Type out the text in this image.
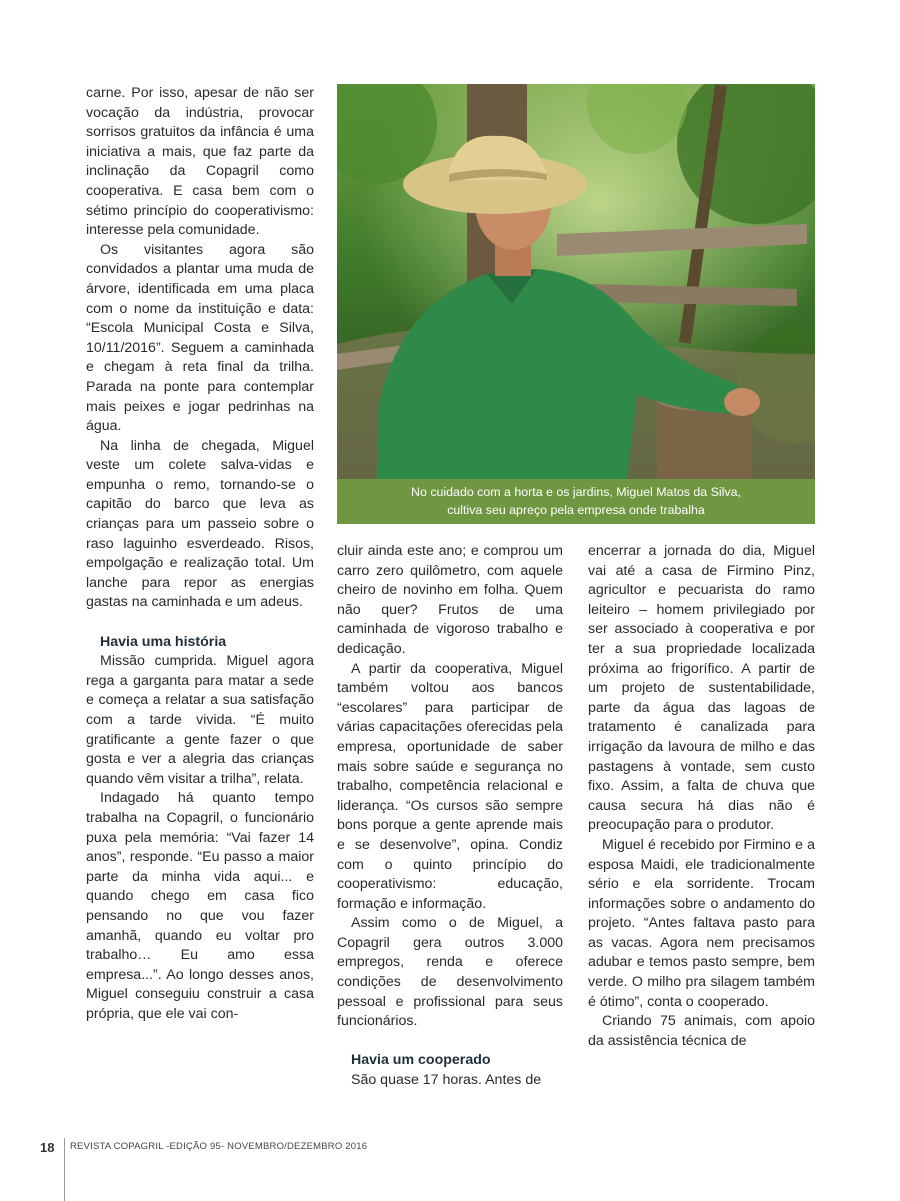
carne. Por isso, apesar de não ser vocação da indústria, provocar sorrisos gratuitos da infância é uma iniciativa a mais, que faz parte da inclinação da Copagril como cooperativa. E casa bem com o sétimo princípio do cooperativismo: interesse pela comunidade.

Os visitantes agora são convidados a plantar uma muda de árvore, identificada em uma placa com o nome da instituição e data: “Escola Municipal Costa e Silva, 10/11/2016”. Seguem a caminhada e chegam à reta final da trilha. Parada na ponte para contemplar mais peixes e jogar pedrinhas na água.

Na linha de chegada, Miguel veste um colete salva-vidas e empunha o remo, tornando-se o capitão do barco que leva as crianças para um passeio sobre o raso laguinho esverdeado. Risos, empolgação e realização total. Um lanche para repor as energias gastas na caminhada e um adeus.

Havia uma história

Missão cumprida. Miguel agora rega a garganta para matar a sede e começa a relatar a sua satisfação com a tarde vivida. “É muito gratificante a gente fazer o que gosta e ver a alegria das crianças quando vêm visitar a trilha”, relata.

Indagado há quanto tempo trabalha na Copagril, o funcionário puxa pela memória: “Vai fazer 14 anos”, responde. “Eu passo a maior parte da minha vida aqui... e quando chego em casa fico pensando no que vou fazer amanhã, quando eu voltar pro trabalho… Eu amo essa empresa...”. Ao longo desses anos, Miguel conseguiu construir a casa própria, que ele vai con-

No cuidado com a horta e os jardins, Miguel Matos da Silva,
cultiva seu apreço pela empresa onde trabalha

cluir ainda este ano; e comprou um carro zero quilômetro, com aquele cheiro de novinho em folha. Quem não quer? Frutos de uma caminhada de vigoroso trabalho e dedicação.

A partir da cooperativa, Miguel também voltou aos bancos “escolares” para participar de várias capacitações oferecidas pela empresa, oportunidade de saber mais sobre saúde e segurança no trabalho, competência relacional e liderança. “Os cursos são sempre bons porque a gente aprende mais e se desenvolve”, opina. Condiz com o quinto princípio do cooperativismo: educação, formação e informação.

Assim como o de Miguel, a Copagril gera outros 3.000 empregos, renda e oferece condições de desenvolvimento pessoal e profissional para seus funcionários.

Havia um cooperado

São quase 17 horas. Antes de

encerrar a jornada do dia, Miguel vai até a casa de Firmino Pinz, agricultor e pecuarista do ramo leiteiro – homem privilegiado por ser associado à cooperativa e por ter a sua propriedade localizada próxima ao frigorífico. A partir de um projeto de sustentabilidade, parte da água das lagoas de tratamento é canalizada para irrigação da lavoura de milho e das pastagens à vontade, sem custo fixo. Assim, a falta de chuva que causa secura há dias não é preocupação para o produtor.

Miguel é recebido por Firmino e a esposa Maidi, ele tradicionalmente sério e ela sorridente. Trocam informações sobre o andamento do projeto. “Antes faltava pasto para as vacas. Agora nem precisamos adubar e temos pasto sempre, bem verde. O milho pra silagem também é ótimo”, conta o cooperado.

Criando 75 animais, com apoio da assistência técnica de

18 REVISTA COPAGRIL -EDIÇÃO 95- NOVEMBRO/DEZEMBRO 2016
